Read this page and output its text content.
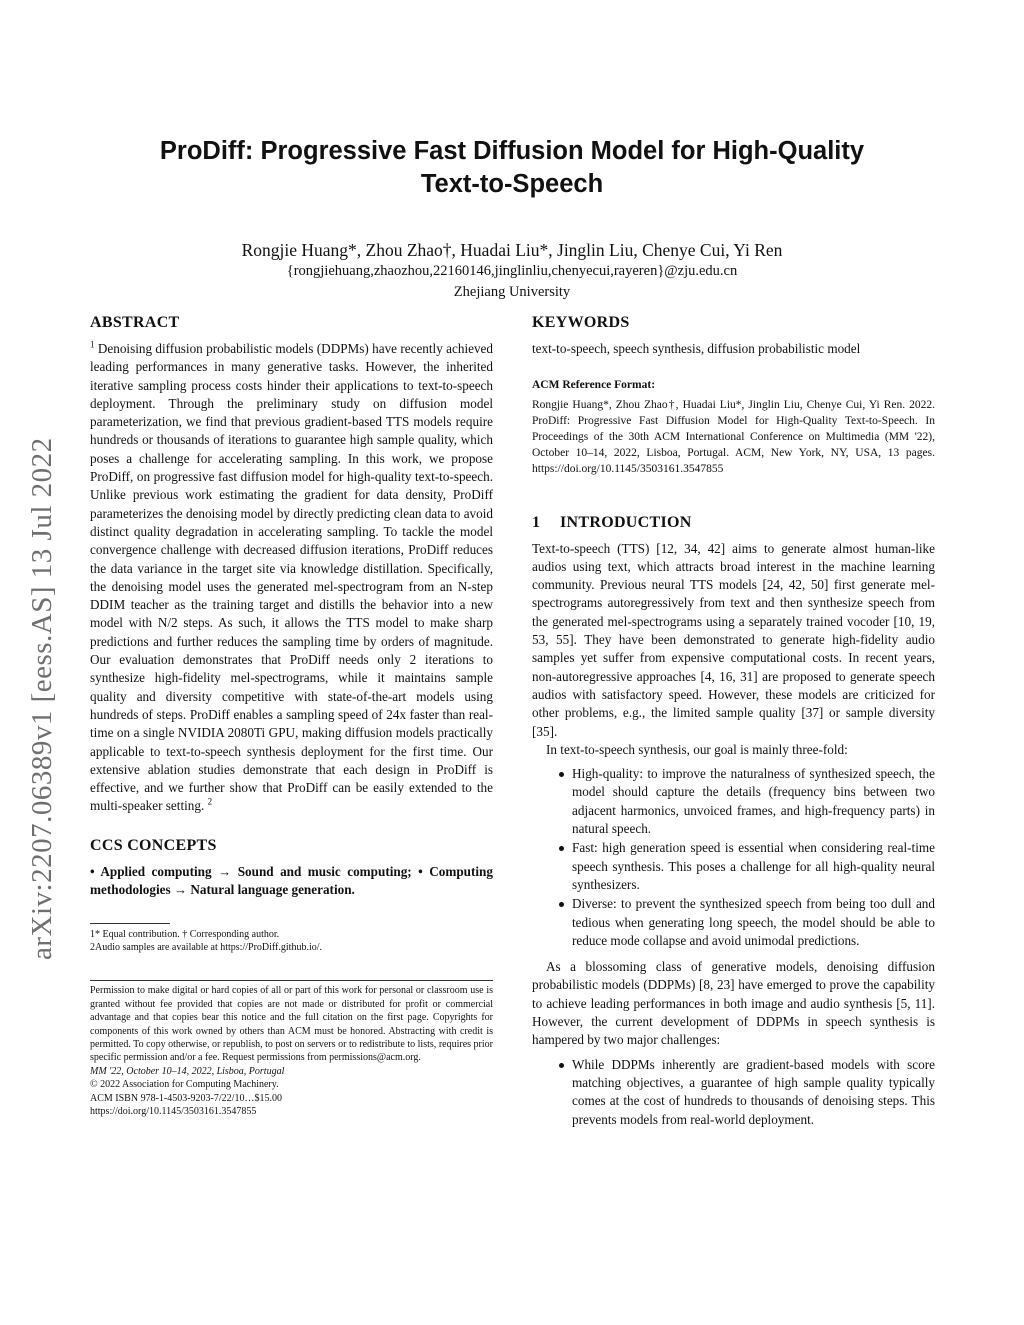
arXiv:2207.06389v1 [eess.AS] 13 Jul 2022
ProDiff: Progressive Fast Diffusion Model for High-Quality
Text-to-Speech
Rongjie Huang*, Zhou Zhao†, Huadai Liu*, Jinglin Liu, Chenye Cui, Yi Ren
{rongjiehuang,zhaozhou,22160146,jinglinliu,chenyecui,rayeren}@zju.edu.cn
Zhejiang University
ABSTRACT

$^1$ Denoising diffusion probabilistic models (DDPMs) have recently achieved leading performances in many generative tasks. However, the inherited iterative sampling process costs hinder their applications to text-to-speech deployment. Through the preliminary study on diffusion model parameterization, we find that previous gradient-based TTS models require hundreds or thousands of iterations to guarantee high sample quality, which poses a challenge for accelerating sampling. In this work, we propose ProDiff, on progressive fast diffusion model for high-quality text-to-speech. Unlike previous work estimating the gradient for data density, ProDiff parameterizes the denoising model by directly predicting clean data to avoid distinct quality degradation in accelerating sampling. To tackle the model convergence challenge with decreased diffusion iterations, ProDiff reduces the data variance in the target site via knowledge distillation. Specifically, the denoising model uses the generated mel-spectrogram from an N-step DDIM teacher as the training target and distills the behavior into a new model with N/2 steps. As such, it allows the TTS model to make sharp predictions and further reduces the sampling time by orders of magnitude. Our evaluation demonstrates that ProDiff needs only 2 iterations to synthesize high-fidelity mel-spectrograms, while it maintains sample quality and diversity competitive with state-of-the-art models using hundreds of steps. ProDiff enables a sampling speed of 24x faster than real-time on a single NVIDIA 2080Ti GPU, making diffusion models practically applicable to text-to-speech synthesis deployment for the first time. Our extensive ablation studies demonstrate that each design in ProDiff is effective, and we further show that ProDiff can be easily extended to the multi-speaker setting. $^2$

CCS CONCEPTS

• Applied computing → Sound and music computing; • Computing methodologies → Natural language generation.

1* Equal contribution. † Corresponding author.

2Audio samples are available at https://ProDiff.github.io/.

Permission to make digital or hard copies of all or part of this work for personal or classroom use is granted without fee provided that copies are not made or distributed for profit or commercial advantage and that copies bear this notice and the full citation on the first page. Copyrights for components of this work owned by others than ACM must be honored. Abstracting with credit is permitted. To copy otherwise, or republish, to post on servers or to redistribute to lists, requires prior specific permission and/or a fee. Request permissions from permissions@acm.org.

MM '22, October 10–14, 2022, Lisboa, Portugal

© 2022 Association for Computing Machinery.

ACM ISBN 978-1-4503-9203-7/22/10…$15.00

https://doi.org/10.1145/3503161.3547855

KEYWORDS

text-to-speech, speech synthesis, diffusion probabilistic model

ACM Reference Format:

Rongjie Huang*, Zhou Zhao†, Huadai Liu*, Jinglin Liu, Chenye Cui, Yi Ren. 2022. ProDiff: Progressive Fast Diffusion Model for High-Quality Text-to-Speech. In Proceedings of the 30th ACM International Conference on Multimedia (MM '22), October 10–14, 2022, Lisboa, Portugal. ACM, New York, NY, USA, 13 pages. https://doi.org/10.1145/3503161.3547855

1 INTRODUCTION

Text-to-speech (TTS) [12, 34, 42] aims to generate almost human-like audios using text, which attracts broad interest in the machine learning community. Previous neural TTS models [24, 42, 50] first generate mel-spectrograms autoregressively from text and then synthesize speech from the generated mel-spectrograms using a separately trained vocoder [10, 19, 53, 55]. They have been demonstrated to generate high-fidelity audio samples yet suffer from expensive computational costs. In recent years, non-autoregressive approaches [4, 16, 31] are proposed to generate speech audios with satisfactory speed. However, these models are criticized for other problems, e.g., the limited sample quality [37] or sample diversity [35].

In text-to-speech synthesis, our goal is mainly three-fold:

High-quality: to improve the naturalness of synthesized speech, the model should capture the details (frequency bins between two adjacent harmonics, unvoiced frames, and high-frequency parts) in natural speech.
Fast: high generation speed is essential when considering real-time speech synthesis. This poses a challenge for all high-quality neural synthesizers.
Diverse: to prevent the synthesized speech from being too dull and tedious when generating long speech, the model should be able to reduce mode collapse and avoid unimodal predictions.

As a blossoming class of generative models, denoising diffusion probabilistic models (DDPMs) [8, 23] have emerged to prove the capability to achieve leading performances in both image and audio synthesis [5, 11]. However, the current development of DDPMs in speech synthesis is hampered by two major challenges:

While DDPMs inherently are gradient-based models with score matching objectives, a guarantee of high sample quality typically comes at the cost of hundreds to thousands of denoising steps. This prevents models from real-world deployment.
